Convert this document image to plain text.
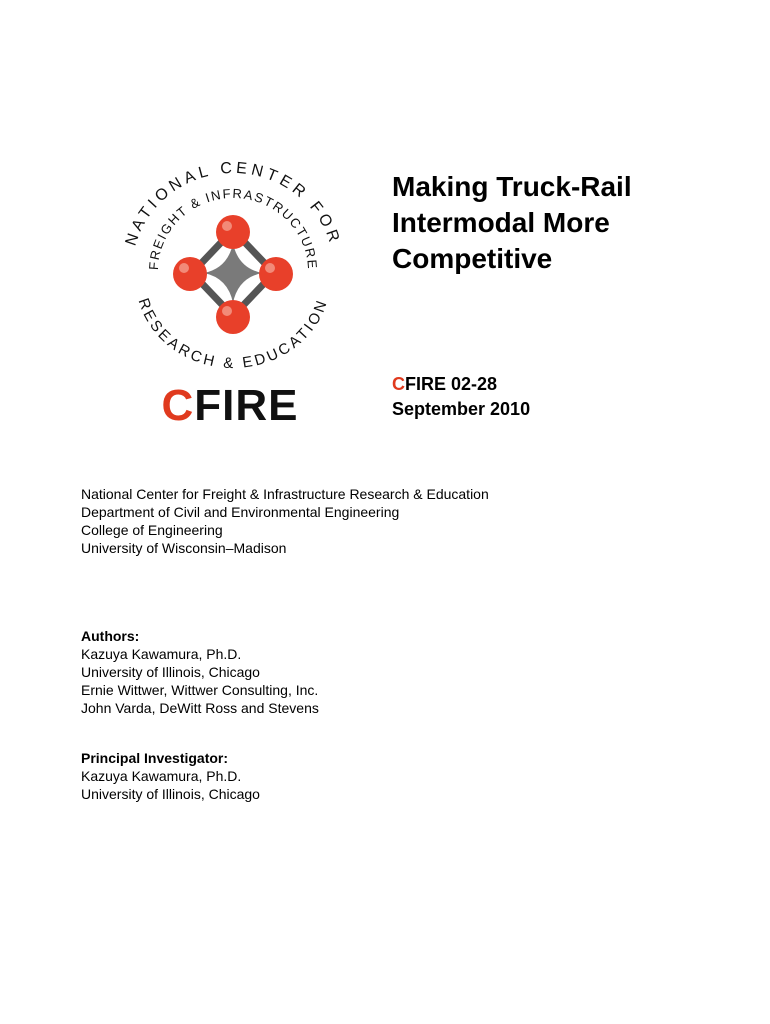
NATIONAL CENTER FOR
FREIGHT & INFRASTRUCTURE
RESEARCH & EDUCATION
CFIRE
Making Truck-Rail
Intermodal More
Competitive
CFIRE 02-28
September 2010
National Center for Freight & Infrastructure Research & Education
Department of Civil and Environmental Engineering
College of Engineering
University of Wisconsin–Madison
Authors:
Kazuya Kawamura, Ph.D.
University of Illinois, Chicago
Ernie Wittwer, Wittwer Consulting, Inc.
John Varda, DeWitt Ross and Stevens
Principal Investigator:
Kazuya Kawamura, Ph.D.
University of Illinois, Chicago
